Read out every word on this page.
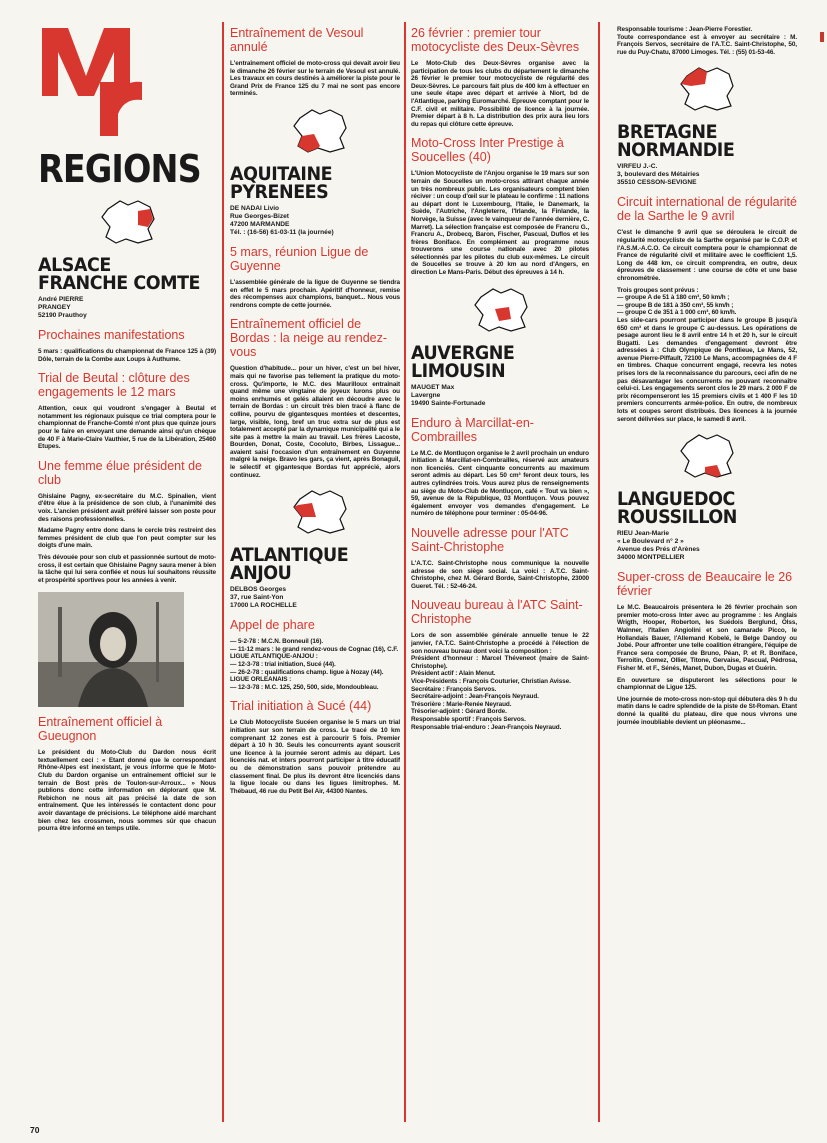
REGIONS
ALSACE
FRANCHE COMTE
André PIERRE
PRANGEY
52190 Prauthoy
Prochaines manifestations

5 mars : qualifications du championnat de France 125 à (39) Dôle, terrain de la Combe aux Loups à Authume.

Trial de Beutal : clôture des engagements le 12 mars

Attention, ceux qui voudront s'engager à Beutal et notamment les régionaux puisque ce trial comptera pour le championnat de Franche-Comté n'ont plus que quinze jours pour le faire en envoyant une demande ainsi qu'un chèque de 40 F à Marie-Claire Vauthier, 5 rue de la Libération, 25460 Etupes.

Une femme élue président de club

Ghislaine Pagny, ex-secrétaire du M.C. Spinalien, vient d'être élue à la présidence de son club, à l'unanimité des voix. L'ancien président avait préféré laisser son poste pour des raisons professionnelles.

Madame Pagny entre donc dans le cercle très restreint des femmes président de club que l'on peut compter sur les doigts d'une main.

Très dévouée pour son club et passionnée surtout de moto-cross, il est certain que Ghislaine Pagny saura mener à bien la tâche qui lui sera confiée et nous lui souhaitons réussite et prospérité sportives pour les années à venir.

Entraînement officiel à Gueugnon

Le président du Moto-Club du Dardon nous écrit textuellement ceci : « Etant donné que le correspondant Rhône-Alpes est inexistant, je vous informe que le Moto-Club du Dardon organise un entraînement officiel sur le terrain de Bost près de Toulon-sur-Arroux... » Nous publions donc cette information en déplorant que M. Rebichon ne nous ait pas précisé la date de son entraînement. Que les intéressés le contactent donc pour avoir davantage de précisions. Le téléphone aidé marchant bien chez les crossmen, nous sommes sûr que chacun pourra être informé en temps utile.

Entraînement de Vesoul annulé

L'entraînement officiel de moto-cross qui devait avoir lieu le dimanche 26 février sur le terrain de Vesoul est annulé. Les travaux en cours destinés à améliorer la piste pour le Grand Prix de France 125 du 7 mai ne sont pas encore terminés.

AQUITAINE
PYRENEES
DE NADAI Livio
Rue Georges-Bizet
47200 MARMANDE
Tél. : (16-56) 61-03-11 (la journée)
5 mars, réunion Ligue de Guyenne

L'assemblée générale de la ligue de Guyenne se tiendra en effet le 5 mars prochain. Apéritif d'honneur, remise des récompenses aux champions, banquet... Nous vous rendrons compte de cette journée.

Entraînement officiel de Bordas : la neige au rendez-vous

Question d'habitude... pour un hiver, c'est un bel hiver, mais qui ne favorise pas tellement la pratique du moto-cross. Qu'importe, le M.C. des Maurilloux entraînait quand même une vingtaine de joyeux lurons plus ou moins enrhumés et gelés allaient en découdre avec le terrain de Bordas : un circuit très bien tracé à flanc de colline, pourvu de gigantesques montées et descentes, large, visible, long, bref un truc extra sur de plus est totalement accepté par la dynamique municipalité qui a le site pas à mettre la main au travail. Les frères Lacoste, Bourden, Donat, Coste, Cocoluto, Birbes, Lissague... avaient saisi l'occasion d'un entraînement en Guyenne malgré la neige. Bravo les gars, ça vient, après Bonaguil, le sélectif et gigantesque Bordas fut apprécié, alors continuez.

ATLANTIQUE
ANJOU
DELBOS Georges
37, rue Saint-Yon
17000 LA ROCHELLE
Appel de phare

— 5-2-78 : M.C.N. Bonneuil (16).

— 11-12 mars : le grand rendez-vous de Cognac (16), C.F.

LIGUE ATLANTIQUE-ANJOU :

— 12-3-78 : trial initiation, Sucé (44).

— 26-2-78 : qualifications champ. ligue à Nozay (44).

LIGUE ORLEANAIS :

— 12-3-78 : M.C. 125, 250, 500, side, Mondoubleau.

Trial initiation à Sucé (44)

Le Club Motocycliste Sucéen organise le 5 mars un trial initiation sur son terrain de cross. Le tracé de 10 km comprenant 12 zones est à parcourir 5 fois. Premier départ à 10 h 30. Seuls les concurrents ayant souscrit une licence à la journée seront admis au départ. Les licenciés nat. et inters pourront participer à titre éducatif ou de démonstration sans pouvoir prétendre au classement final. De plus ils devront être licenciés dans la ligue locale ou dans les ligues limitrophes. M. Thébaud, 46 rue du Petit Bel Air, 44300 Nantes.

26 février : premier tour motocycliste des Deux-Sèvres

Le Moto-Club des Deux-Sèvres organise avec la participation de tous les clubs du département le dimanche 26 février le premier tour motocycliste de régularité des Deux-Sèvres. Le parcours fait plus de 400 km à effectuer en une seule étape avec départ et arrivée à Niort, bd de l'Atlantique, parking Euromarché. Epreuve comptant pour le C.F. civil et militaire. Possibilité de licence à la journée. Premier départ à 8 h. La distribution des prix aura lieu lors du repas qui clôture cette épreuve.

Moto-Cross Inter Prestige à Soucelles (40)

L'Union Motocycliste de l'Anjou organise le 19 mars sur son terrain de Soucelles un moto-cross attirant chaque année un très nombreux public. Les organisateurs comptent bien réciver : un coup d'œil sur le plateau le confirme : 11 nations au départ dont le Luxembourg, l'Italie, le Danemark, la Suède, l'Autriche, l'Angleterre, l'Irlande, la Finlande, la Norvège, la Suisse (avec le vainqueur de l'année dernière, C. Marret). La sélection française est composée de Francru G., Francru A., Drobecq, Baron, Fischer, Pascual, Duflos et les frères Boniface. En complément au programme nous trouverons une course nationale avec 20 pilotes sélectionnés par les pilotes du club eux-mêmes. Le circuit de Soucelles se trouve à 20 km au nord d'Angers, en direction Le Mans-Paris. Début des épreuves à 14 h.

AUVERGNE
LIMOUSIN
MAUGET Max
Lavergne
19490 Sainte-Fortunade
Enduro à Marcillat-en-Combrailles

Le M.C. de Montluçon organise le 2 avril prochain un enduro initiation à Marcillat-en-Combrailles, réservé aux amateurs non licenciés. Cent cinquante concurrents au maximum seront admis au départ. Les 50 cm³ feront deux tours, les autres cylindrées trois. Vous aurez plus de renseignements au siège du Moto-Club de Montluçon, café « Tout va bien », 59, avenue de la République, 03 Montluçon. Vous pouvez également envoyer vos demandes d'engagement. Le numéro de téléphone pour terminer : 05-04-96.

Nouvelle adresse pour l'ATC Saint-Christophe

L'A.T.C. Saint-Christophe nous communique la nouvelle adresse de son siège social. La voici : A.T.C. Saint-Christophe, chez M. Gérard Borde, Saint-Christophe, 23000 Gueret. Tél. : 52-46-24.

Nouveau bureau à l'ATC Saint-Christophe

Lors de son assemblée générale annuelle tenue le 22 janvier, l'A.T.C. Saint-Christophe a procédé à l'élection de son nouveau bureau dont voici la composition :

Président d'honneur : Marcel Théveneot (maire de Saint-Christophe).

Président actif : Alain Menut.

Vice-Présidents : François Couturier, Christian Avisse.

Secrétaire : François Servos.

Secrétaire-adjoint : Jean-François Neyraud.

Trésorière : Marie-Renée Neyraud.

Trésorier-adjoint : Gérard Borde.

Responsable sportif : François Servos.

Responsable trial-enduro : Jean-François Neyraud.

Responsable tourisme : Jean-Pierre Forestier.
Toute correspondance est à envoyer au secrétaire : M. François Servos, secrétaire de l'A.T.C. Saint-Christophe, 50, rue du Puy-Chatu, 87000 Limoges. Tél. : (55) 01-53-46.

BRETAGNE
NORMANDIE
VIRFEU J.-C.
3, boulevard des Métairies
35510 CESSON-SEVIGNE
Circuit international de régularité de la Sarthe le 9 avril

C'est le dimanche 9 avril que se déroulera le circuit de régularité motocycliste de la Sarthe organisé par le C.O.P. et l'A.S.M.-A.C.O. Ce circuit comptera pour le championnat de France de régularité civil et militaire avec le coefficient 1,5. Long de 448 km, ce circuit comprendra, en outre, deux épreuves de classement : une course de côte et une base chronométrée.

Trois groupes sont prévus :

— groupe A de 51 à 180 cm³, 50 km/h ;

— groupe B de 181 à 350 cm³, 55 km/h ;

— groupe C de 351 à 1 000 cm³, 60 km/h.

Les side-cars pourront participer dans le groupe B jusqu'à 650 cm³ et dans le groupe C au-dessus. Les opérations de pesage auront lieu le 8 avril entre 14 h et 20 h, sur le circuit Bugatti. Les demandes d'engagement devront être adressées à : Club Olympique de Pontlieue, Le Mans, 52, avenue Pierre-Piffault, 72100 Le Mans, accompagnées de 4 F en timbres. Chaque concurrent engagé, recevra les notes prises lors de la reconnaissance du parcours, ceci afin de ne pas désavantager les concurrents ne pouvant reconnaître celui-ci. Les engagements seront clos le 29 mars. 2 000 F de prix récompenseront les 15 premiers civils et 1 400 F les 10 premiers concurrents armée-police. En outre, de nombreux lots et coupes seront distribués. Des licences à la journée seront délivrées sur place, le samedi 8 avril.

LANGUEDOC
ROUSSILLON
RIEU Jean-Marie
« Le Boulevard n° 2 »
Avenue des Prés d'Arènes
34000 MONTPELLIER
Super-cross de Beaucaire le 26 février

Le M.C. Beaucairois présentera le 26 février prochain son premier moto-cross Inter avec au programme : les Anglais Wrigth, Hooper, Roberton, les Suédois Berglund, Olss, Walnner, l'Italien Angiolini et son camarade Picco, le Hollandais Bauer, l'Allemand Kobelé, le Belge Dandoy ou Jobé. Pour affronter une telle coalition étrangère, l'équipe de France sera composée de Bruno, Péan, P. et R. Boniface, Terroitin, Gomez, Ollier, Titone, Gervaise, Pascual, Pédrosa, Fisher M. et F., Sénés, Manet, Dubon, Dugas et Guérin.

En ouverture se disputeront les sélections pour le championnat de Ligue 125.

Une journée de moto-cross non-stop qui débutera dès 9 h du matin dans le cadre splendide de la piste de St-Roman. Etant donné la qualité du plateau, dire que nous vivrons une journée inoubliable devient un pléonasme...

70
